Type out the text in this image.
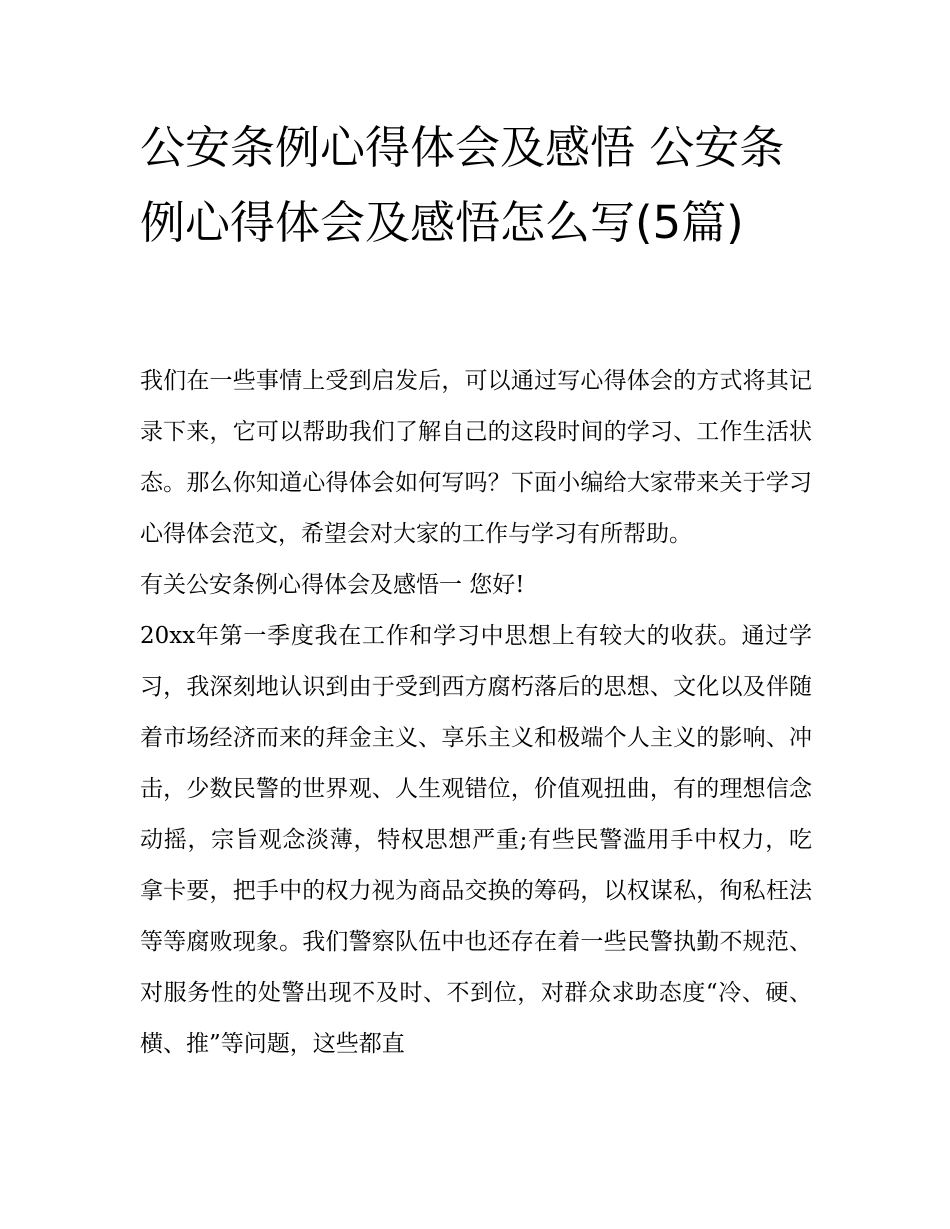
公安条例心得体会及感悟 公安条例心得体会及感悟怎么写(5篇)

我们在一些事情上受到启发后，可以通过写心得体会的方式将其记录下来，它可以帮助我们了解自己的这段时间的学习、工作生活状态。那么你知道心得体会如何写吗？下面小编给大家带来关于学习心得体会范文，希望会对大家的工作与学习有所帮助。

有关公安条例心得体会及感悟一 您好!

20xx年第一季度我在工作和学习中思想上有较大的收获。通过学习，我深刻地认识到由于受到西方腐朽落后的思想、文化以及伴随着市场经济而来的拜金主义、享乐主义和极端个人主义的影响、冲击，少数民警的世界观、人生观错位，价值观扭曲，有的理想信念动摇，宗旨观念淡薄，特权思想严重;有些民警滥用手中权力，吃拿卡要，把手中的权力视为商品交换的筹码，以权谋私，徇私枉法等等腐败现象。我们警察队伍中也还存在着一些民警执勤不规范、对服务性的处警出现不及时、不到位，对群众求助态度“冷、硬、横、推”等问题，这些都直
